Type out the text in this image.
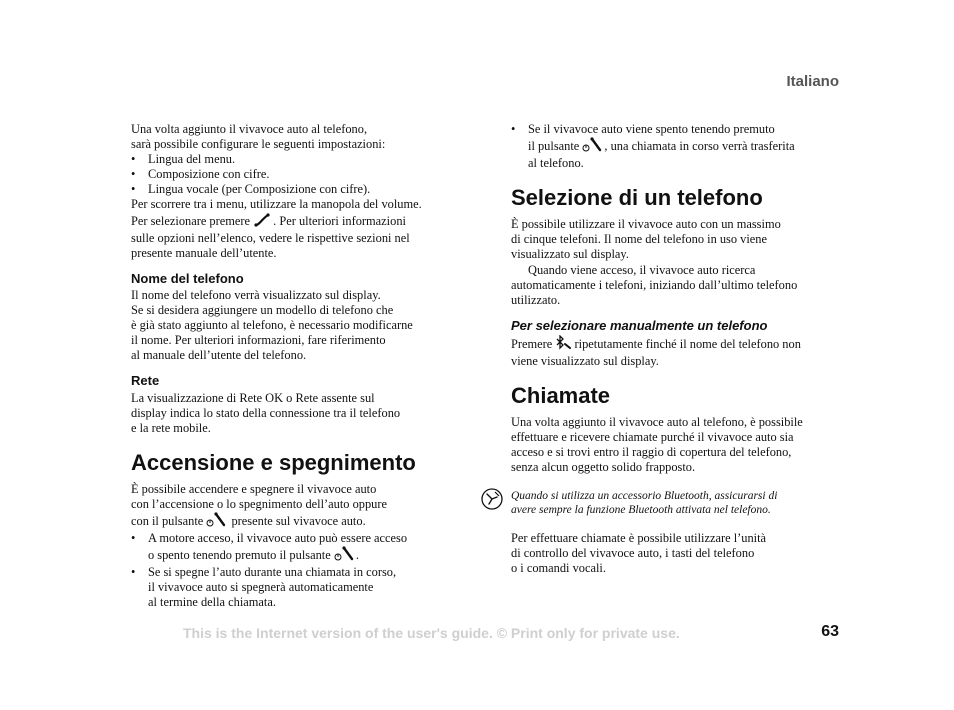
Italiano

Una volta aggiunto il vivavoce auto al telefono,

sarà possibile configurare le seguenti impostazioni:

• Lingua del menu.

• Composizione con cifre.

• Lingua vocale (per Composizione con cifre).

Per scorrere tra i menu, utilizzare la manopola del volume.

Per selezionare premere . Per ulteriori informazioni

sulle opzioni nell’elenco, vedere le rispettive sezioni nel

presente manuale dell’utente.

Nome del telefono

Il nome del telefono verrà visualizzato sul display.

Se si desidera aggiungere un modello di telefono che

è già stato aggiunto al telefono, è necessario modificarne

il nome. Per ulteriori informazioni, fare riferimento

al manuale dell’utente del telefono.

Rete

La visualizzazione di Rete OK o Rete assente sul

display indica lo stato della connessione tra il telefono

e la rete mobile.

Accensione e spegnimento

È possibile accendere e spegnere il vivavoce auto

con l’accensione o lo spegnimento dell’auto oppure

con il pulsante presente sul vivavoce auto.

• A motore acceso, il vivavoce auto può essere acceso

o spento tenendo premuto il pulsante .

• Se si spegne l’auto durante una chiamata in corso,

il vivavoce auto si spegnerà automaticamente

al termine della chiamata.

• Se il vivavoce auto viene spento tenendo premuto

il pulsante , una chiamata in corso verrà trasferita

al telefono.

Selezione di un telefono

È possibile utilizzare il vivavoce auto con un massimo

di cinque telefoni. Il nome del telefono in uso viene

visualizzato sul display.

Quando viene acceso, il vivavoce auto ricerca

automaticamente i telefoni, iniziando dall’ultimo telefono

utilizzato.

Per selezionare manualmente un telefono

Premere ripetutamente finché il nome del telefono non

viene visualizzato sul display.

Chiamate

Una volta aggiunto il vivavoce auto al telefono, è possibile

effettuare e ricevere chiamate purché il vivavoce auto sia

acceso e si trovi entro il raggio di copertura del telefono,

senza alcun oggetto solido frapposto.

Quando si utilizza un accessorio Bluetooth, assicurarsi di
avere sempre la funzione Bluetooth attivata nel telefono.

Per effettuare chiamate è possibile utilizzare l’unità

di controllo del vivavoce auto, i tasti del telefono

o i comandi vocali.

This is the Internet version of the user's guide. © Print only for private use.	63
